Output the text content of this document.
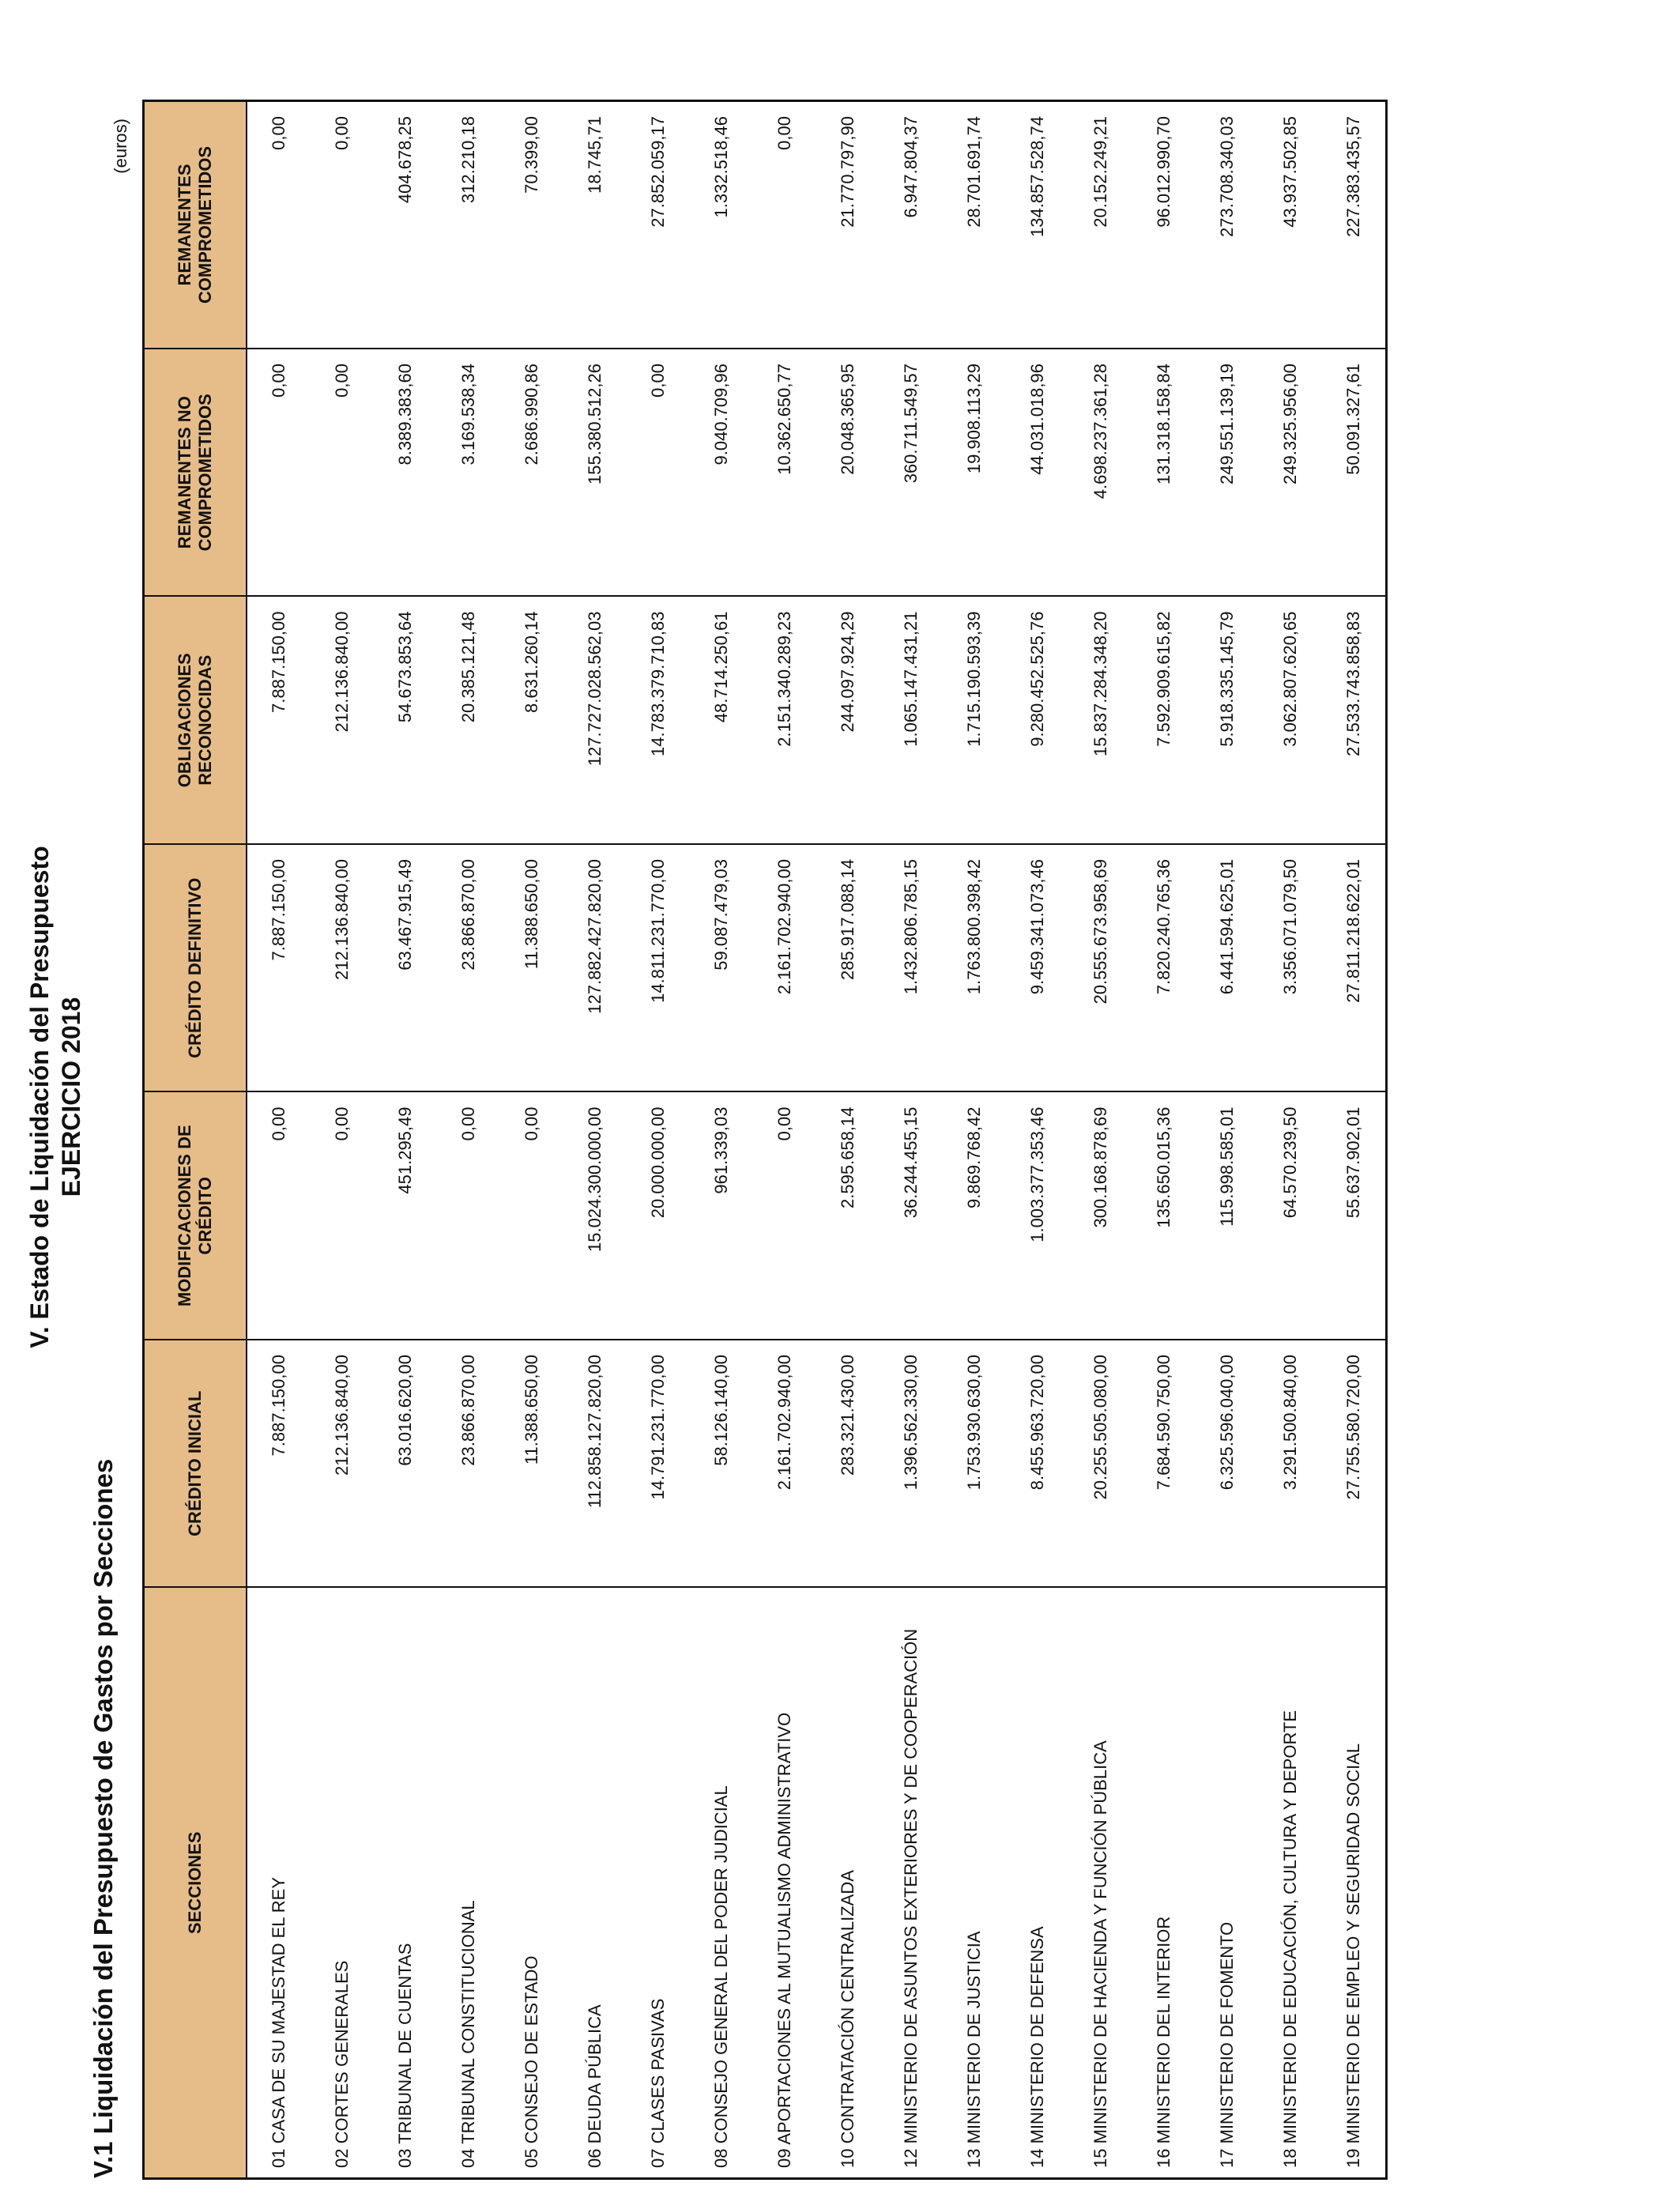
V. Estado de Liquidación del Presupuesto EJERCICIO 2018
V.1 Liquidación del Presupuesto de Gastos por Secciones
(euros)
SECCIONES	CRÉDITO INICIAL	MODIFICACIONES DE CRÉDITO	CRÉDITO DEFINITIVO	OBLIGACIONES RECONOCIDAS	REMANENTES NO COMPROMETIDOS	REMANENTES COMPROMETIDOS
01 CASA DE SU MAJESTAD EL REY	7.887.150,00	0,00	7.887.150,00	7.887.150,00	0,00	0,00
02 CORTES GENERALES	212.136.840,00	0,00	212.136.840,00	212.136.840,00	0,00	0,00
03 TRIBUNAL DE CUENTAS	63.016.620,00	451.295,49	63.467.915,49	54.673.853,64	8.389.383,60	404.678,25
04 TRIBUNAL CONSTITUCIONAL	23.866.870,00	0,00	23.866.870,00	20.385.121,48	3.169.538,34	312.210,18
05 CONSEJO DE ESTADO	11.388.650,00	0,00	11.388.650,00	8.631.260,14	2.686.990,86	70.399,00
06 DEUDA PÚBLICA	112.858.127.820,00	15.024.300.000,00	127.882.427.820,00	127.727.028.562,03	155.380.512,26	18.745,71
07 CLASES PASIVAS	14.791.231.770,00	20.000.000,00	14.811.231.770,00	14.783.379.710,83	0,00	27.852.059,17
08 CONSEJO GENERAL DEL PODER JUDICIAL	58.126.140,00	961.339,03	59.087.479,03	48.714.250,61	9.040.709,96	1.332.518,46
09 APORTACIONES AL MUTUALISMO ADMINISTRATIVO	2.161.702.940,00	0,00	2.161.702.940,00	2.151.340.289,23	10.362.650,77	0,00
10 CONTRATACIÓN CENTRALIZADA	283.321.430,00	2.595.658,14	285.917.088,14	244.097.924,29	20.048.365,95	21.770.797,90
12 MINISTERIO DE ASUNTOS EXTERIORES Y DE COOPERACIÓN	1.396.562.330,00	36.244.455,15	1.432.806.785,15	1.065.147.431,21	360.711.549,57	6.947.804,37
13 MINISTERIO DE JUSTICIA	1.753.930.630,00	9.869.768,42	1.763.800.398,42	1.715.190.593,39	19.908.113,29	28.701.691,74
14 MINISTERIO DE DEFENSA	8.455.963.720,00	1.003.377.353,46	9.459.341.073,46	9.280.452.525,76	44.031.018,96	134.857.528,74
15 MINISTERIO DE HACIENDA Y FUNCIÓN PÚBLICA	20.255.505.080,00	300.168.878,69	20.555.673.958,69	15.837.284.348,20	4.698.237.361,28	20.152.249,21
16 MINISTERIO DEL INTERIOR	7.684.590.750,00	135.650.015,36	7.820.240.765,36	7.592.909.615,82	131.318.158,84	96.012.990,70
17 MINISTERIO DE FOMENTO	6.325.596.040,00	115.998.585,01	6.441.594.625,01	5.918.335.145,79	249.551.139,19	273.708.340,03
18 MINISTERIO DE EDUCACIÓN, CULTURA Y DEPORTE	3.291.500.840,00	64.570.239,50	3.356.071.079,50	3.062.807.620,65	249.325.956,00	43.937.502,85
19 MINISTERIO DE EMPLEO Y SEGURIDAD SOCIAL	27.755.580.720,00	55.637.902,01	27.811.218.622,01	27.533.743.858,83	50.091.327,61	227.383.435,57
